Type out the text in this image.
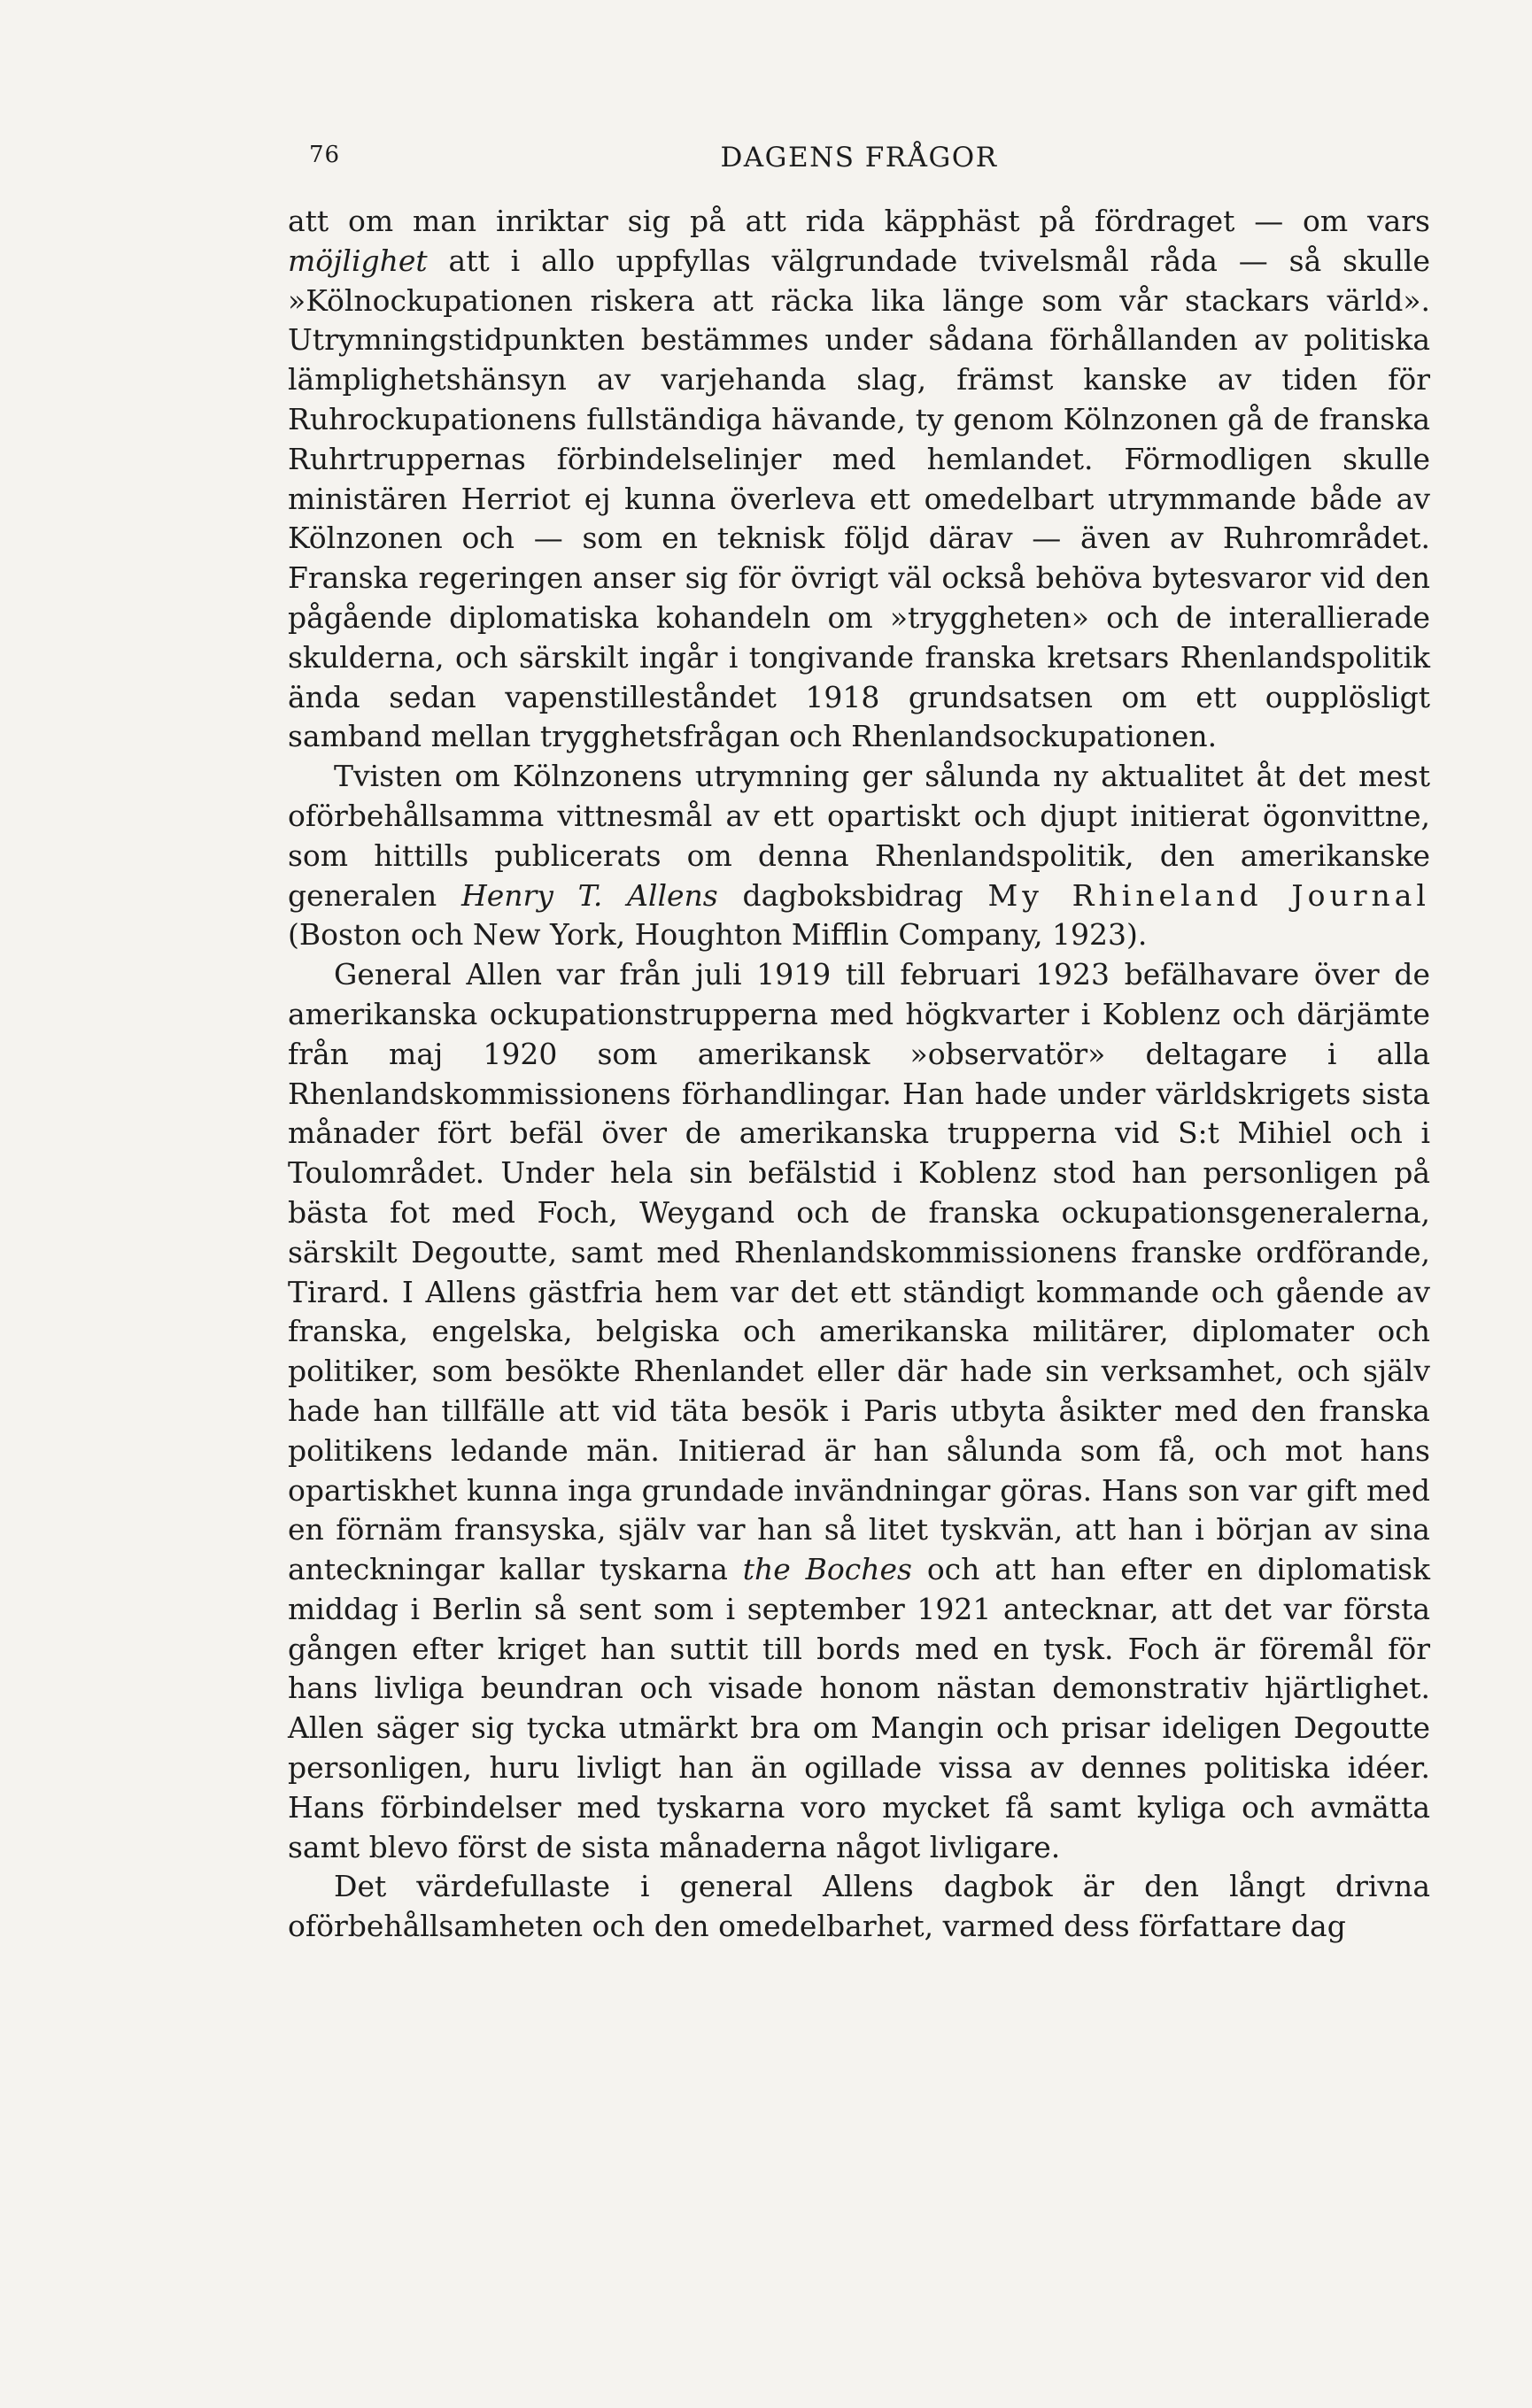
76	DAGENS FRÅGOR

att om man inriktar sig på att rida käpphäst på fördraget — om vars möjlighet att i allo uppfyllas välgrundade tvivelsmål råda — så skulle »Kölnockupationen riskera att räcka lika länge som vår stackars värld». Utrymningstidpunkten bestämmes under sådana förhållanden av politiska lämplighetshänsyn av varjehanda slag, främst kanske av tiden för Ruhrockupationens fullständiga hävande, ty genom Kölnzonen gå de franska Ruhrtruppernas förbindelselinjer med hemlandet. Förmodligen skulle ministären Herriot ej kunna överleva ett omedelbart utrymmande både av Kölnzonen och — som en teknisk följd därav — även av Ruhrområdet. Franska regeringen anser sig för övrigt väl också behöva bytesvaror vid den pågående diplomatiska kohandeln om »tryggheten» och de interallierade skulderna, och särskilt ingår i tongivande franska kretsars Rhenlandspolitik ända sedan vapenstilleståndet 1918 grundsatsen om ett oupplösligt samband mellan trygghetsfrågan och Rhenlandsockupationen.

Tvisten om Kölnzonens utrymning ger sålunda ny aktualitet åt det mest oförbehållsamma vittnesmål av ett opartiskt och djupt initierat ögonvittne, som hittills publicerats om denna Rhenlandspolitik, den amerikanske generalen Henry T. Allens dagboksbidrag My Rhineland Journal (Boston och New York, Houghton Mifflin Company, 1923).

General Allen var från juli 1919 till februari 1923 befälhavare över de amerikanska ockupationstrupperna med högkvarter i Koblenz och därjämte från maj 1920 som amerikansk »observatör» deltagare i alla Rhenlandskommissionens förhandlingar. Han hade under världskrigets sista månader fört befäl över de amerikanska trupperna vid S:t Mihiel och i Toulområdet. Under hela sin befälstid i Koblenz stod han personligen på bästa fot med Foch, Weygand och de franska ockupationsgeneralerna, särskilt Degoutte, samt med Rhenlandskommissionens franske ordförande, Tirard. I Allens gästfria hem var det ett ständigt kommande och gående av franska, engelska, belgiska och amerikanska militärer, diplomater och politiker, som besökte Rhenlandet eller där hade sin verksamhet, och själv hade han tillfälle att vid täta besök i Paris utbyta åsikter med den franska politikens ledande män. Initierad är han sålunda som få, och mot hans opartiskhet kunna inga grundade invändningar göras. Hans son var gift med en förnäm fransyska, själv var han så litet tyskvän, att han i början av sina anteckningar kallar tyskarna the Boches och att han efter en diplomatisk middag i Berlin så sent som i september 1921 antecknar, att det var första gången efter kriget han suttit till bords med en tysk. Foch är föremål för hans livliga beundran och visade honom nästan demonstrativ hjärtlighet. Allen säger sig tycka utmärkt bra om Mangin och prisar ideligen Degoutte personligen, huru livligt han än ogillade vissa av dennes politiska idéer. Hans förbindelser med tyskarna voro mycket få samt kyliga och avmätta samt blevo först de sista månaderna något livligare.

Det värdefullaste i general Allens dagbok är den långt drivna oförbehållsamheten och den omedelbarhet, varmed dess författare dag
